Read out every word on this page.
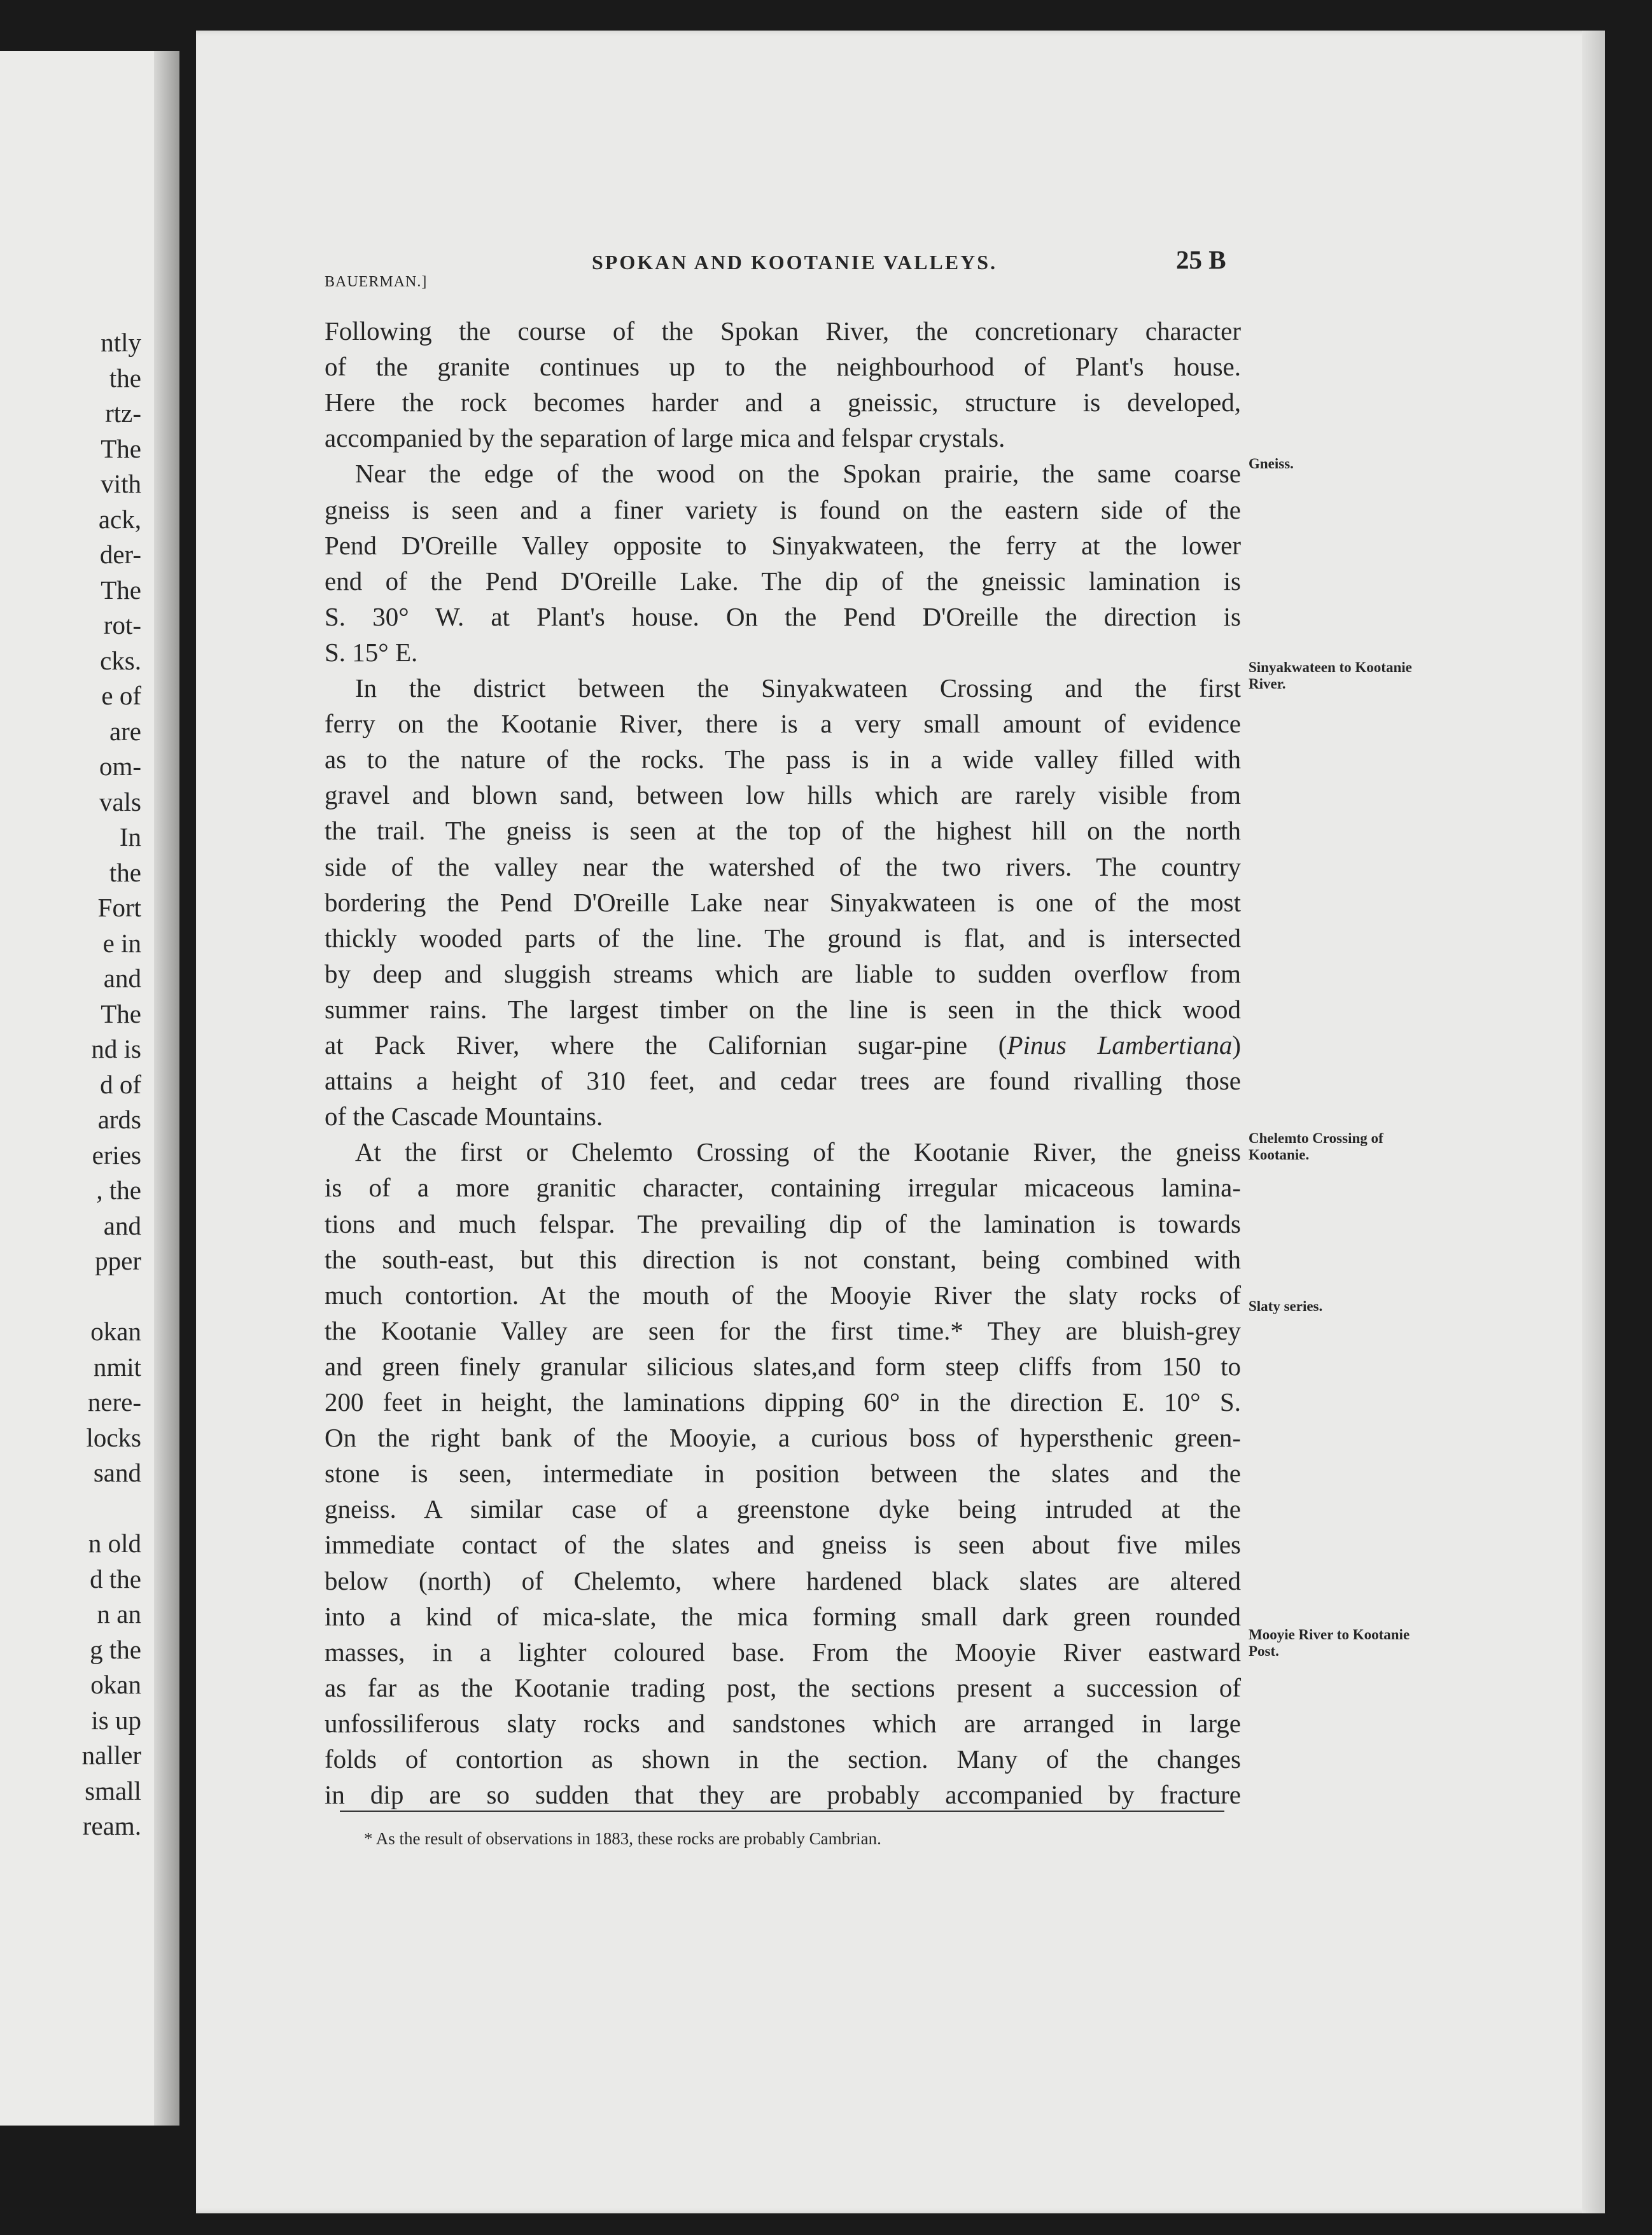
ntly
the
rtz-
The
vith
ack,
der-
The
rot-
cks.
e of
are
om-
vals
In
the
Fort
e in
and
The
nd is
d of
ards
eries
, the
and
pper
okan
nmit
nere-
locks
sand
n old
d the
n an
g the
okan
is up
naller
small
ream.
BAUERMAN.]
SPOKAN AND KOOTANIE VALLEYS.	25 B
Following the course of the Spokan River, the concretionary character
of the granite continues up to the neighbourhood of Plant's house.
Here the rock becomes harder and a gneissic, structure is developed,
accompanied by the separation of large mica and felspar crystals.
Near the edge of the wood on the Spokan prairie, the same coarse
gneiss is seen and a finer variety is found on the eastern side of the
Pend D'Oreille Valley opposite to Sinyakwateen, the ferry at the lower
end of the Pend D'Oreille Lake. The dip of the gneissic lamination is
S. 30° W. at Plant's house. On the Pend D'Oreille the direction is
S. 15° E.
In the district between the Sinyakwateen Crossing and the first
ferry on the Kootanie River, there is a very small amount of evidence
as to the nature of the rocks. The pass is in a wide valley filled with
gravel and blown sand, between low hills which are rarely visible from
the trail. The gneiss is seen at the top of the highest hill on the north
side of the valley near the watershed of the two rivers. The country
bordering the Pend D'Oreille Lake near Sinyakwateen is one of the most
thickly wooded parts of the line. The ground is flat, and is intersected
by deep and sluggish streams which are liable to sudden overflow from
summer rains. The largest timber on the line is seen in the thick wood
at Pack River, where the Californian sugar-pine (Pinus Lambertiana)
attains a height of 310 feet, and cedar trees are found rivalling those
of the Cascade Mountains.
At the first or Chelemto Crossing of the Kootanie River, the gneiss
is of a more granitic character, containing irregular micaceous lamina-
tions and much felspar. The prevailing dip of the lamination is towards
the south-east, but this direction is not constant, being combined with
much contortion. At the mouth of the Mooyie River the slaty rocks of
the Kootanie Valley are seen for the first time.* They are bluish-grey
and green finely granular silicious slates,and form steep cliffs from 150 to
200 feet in height, the laminations dipping 60° in the direction E. 10° S.
On the right bank of the Mooyie, a curious boss of hypersthenic green-
stone is seen, intermediate in position between the slates and the
gneiss. A similar case of a greenstone dyke being intruded at the
immediate contact of the slates and gneiss is seen about five miles
below (north) of Chelemto, where hardened black slates are altered
into a kind of mica-slate, the mica forming small dark green rounded
masses, in a lighter coloured base. From the Mooyie River eastward
as far as the Kootanie trading post, the sections present a succession of
unfossiliferous slaty rocks and sandstones which are arranged in large
folds of contortion as shown in the section. Many of the changes
in dip are so sudden that they are probably accompanied by fracture
Gneiss.
Sinyakwateen to Kootanie River.
Chelemto Crossing of Kootanie.
Slaty series.
Mooyie River to Kootanie Post.
* As the result of observations in 1883, these rocks are probably Cambrian.
